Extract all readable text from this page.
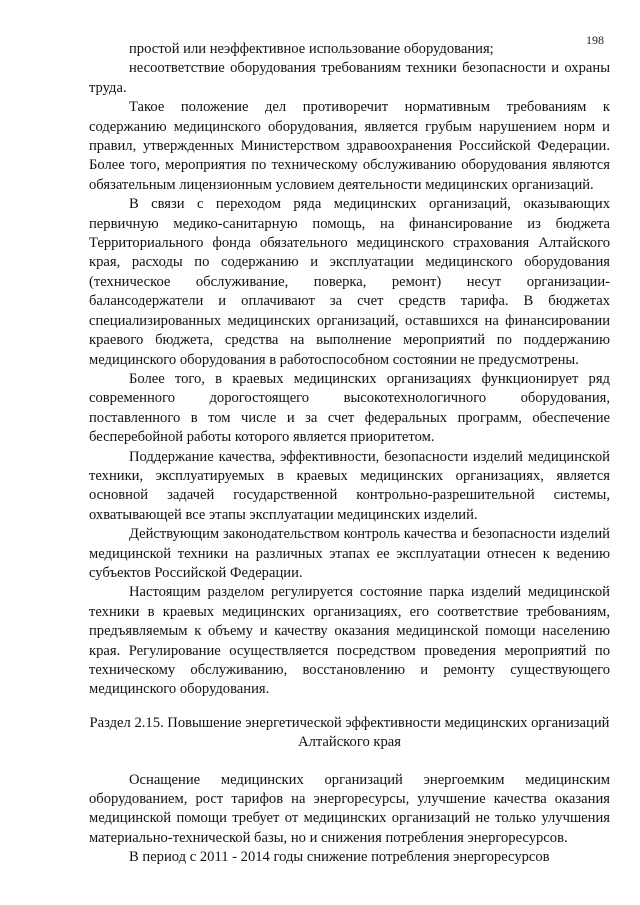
198

простой или неэффективное использование оборудования;

несоответствие оборудования требованиям техники безопасности и охраны труда.

Такое положение дел противоречит нормативным требованиям к содержанию медицинского оборудования, является грубым нарушением норм и правил, утвержденных Министерством здравоохранения Российской Федерации. Более того, мероприятия по техническому обслуживанию оборудования являются обязательным лицензионным условием деятельности медицинских организаций.

В связи с переходом ряда медицинских организаций, оказывающих первичную медико-санитарную помощь, на финансирование из бюджета Территориального фонда обязательного медицинского страхования Алтайского края, расходы по содержанию и эксплуатации медицинского оборудования (техническое обслуживание, поверка, ремонт) несут организации-балансодержатели и оплачивают за счет средств тарифа. В бюджетах специализированных медицинских организаций, оставшихся на финансировании краевого бюджета, средства на выполнение мероприятий по поддержанию медицинского оборудования в работоспособном состоянии не предусмотрены.

Более того, в краевых медицинских организациях функционирует ряд современного дорогостоящего высокотехнологичного оборудования, поставленного в том числе и за счет федеральных программ, обеспечение бесперебойной работы которого является приоритетом.

Поддержание качества, эффективности, безопасности изделий медицинской техники, эксплуатируемых в краевых медицинских организациях, является основной задачей государственной контрольно-разрешительной системы, охватывающей все этапы эксплуатации медицинских изделий.

Действующим законодательством контроль качества и безопасности изделий медицинской техники на различных этапах ее эксплуатации отнесен к ведению субъектов Российской Федерации.

Настоящим разделом регулируется состояние парка изделий медицинской техники в краевых медицинских организациях, его соответствие требованиям, предъявляемым к объему и качеству оказания медицинской помощи населению края. Регулирование осуществляется посредством проведения мероприятий по техническому обслуживанию, восстановлению и ремонту существующего медицинского оборудования.

Раздел 2.15. Повышение энергетической эффективности медицинских организаций Алтайского края

Оснащение медицинских организаций энергоемким медицинским оборудованием, рост тарифов на энергоресурсы, улучшение качества оказания медицинской помощи требует от медицинских организаций не только улучшения материально-технической базы, но и снижения потребления энергоресурсов.

В период с 2011 - 2014 годы снижение потребления энергоресурсов
